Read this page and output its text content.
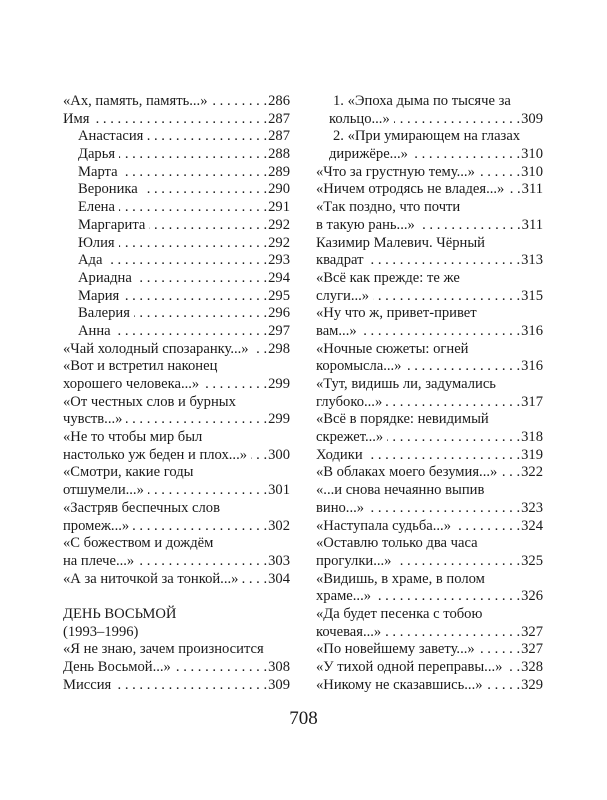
«Ах, память, память...» . . .	286
Имя . . .	287
Анастасия . . .	287
Дарья . . .	288
Марта . . .	289
Вероника . . .	290
Елена . . .	291
Маргарита . . .	292
Юлия . . .	292
Ада . . .	293
Ариадна . . .	294
Мария . . .	295
Валерия . . .	296
Анна . . .	297
«Чай холодный спозаранку...» . . . 298
«Вот и встретил наконец
хорошего человека...» . . .	299
«От честных слов и бурных
чувств...» . . .	299
«Не то чтобы мир был
настолько уж беден и плох...» . . . 300
«Смотри, какие годы
отшумели...» . . .	301
«Застряв беспечных слов
промеж...» . . .	302
«С божеством и дождём
на плече...» . . .	303
«А за ниточкой за тонкой...» . . . 304
ДЕНЬ ВОСЬМОЙ
(1993–1996)
«Я не знаю, зачем произносится
День Восьмой...» . . .	308
Миссия . . .	309
1. «Эпоха дыма по тысяче за
кольцо...» . . .	309
2. «При умирающем на глазах
дирижёре...» . . .	310
«Что за грустную тему...» . . .	310
«Ничем отродясь не владея...» . . . 311
«Так поздно, что почти
в такую рань...» . . .	311
Казимир Малевич. Чёрный
квадрат . . .	313
«Всё как прежде: те же
слуги...» . . .	315
«Ну что ж, привет-привет
вам...» . . .	316
«Ночные сюжеты: огней
коромысла...» . . .	316
«Тут, видишь ли, задумались
глубоко...» . . .	317
«Всё в порядке: невидимый
скрежет...» . . .	318
Ходики . . .	319
«В облаках моего безумия...» . . . 322
«...и снова нечаянно выпив
вино...» . . .	323
«Наступала судьба...» . . .	324
«Оставлю только два часа
прогулки...» . . .	325
«Видишь, в храме, в полом
храме...» . . .	326
«Да будет песенка с тобою
кочевая...» . . .	327
«По новейшему завету...» . . .	327
«У тихой одной переправы...» . . . 328
«Никому не сказавшись...» . . .	329
708
